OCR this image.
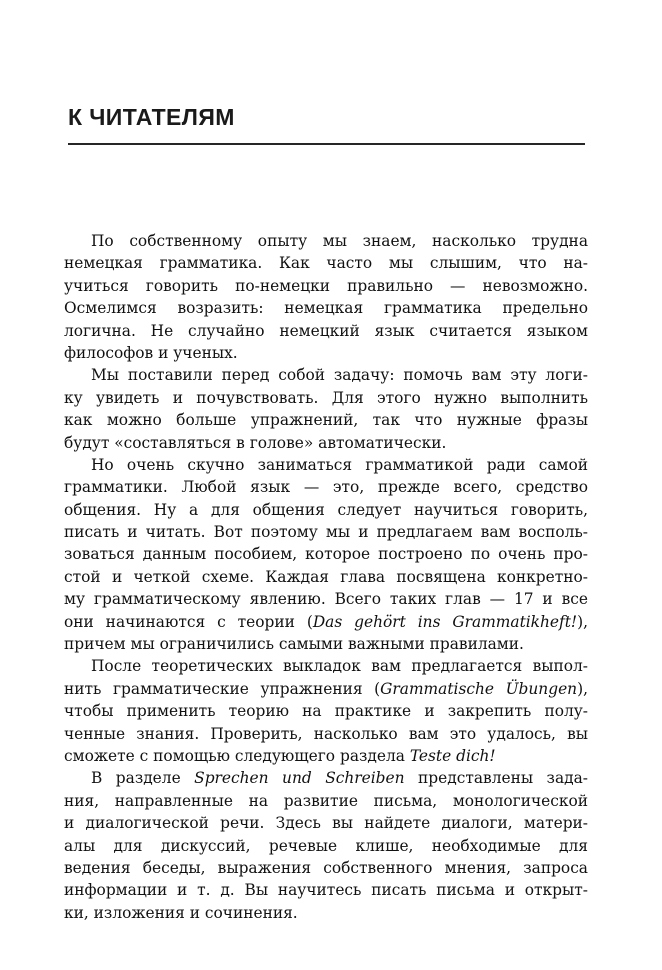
К ЧИТАТЕЛЯМ
По собственному опыту мы знаем, насколько трудна
немецкая грамматика. Как часто мы слышим, что на-
учиться говорить по-немецки правильно — невозможно.
Осмелимся возразить: немецкая грамматика предельно
логична. Не случайно немецкий язык считается языком
философов и ученых.
Мы поставили перед собой задачу: помочь вам эту логи-
ку увидеть и почувствовать. Для этого нужно выполнить
как можно больше упражнений, так что нужные фразы
будут «составляться в голове» автоматически.
Но очень скучно заниматься грамматикой ради самой
грамматики. Любой язык — это, прежде всего, средство
общения. Ну а для общения следует научиться говорить,
писать и читать. Вот поэтому мы и предлагаем вам восполь-
зоваться данным пособием, которое построено по очень про-
стой и четкой схеме. Каждая глава посвящена конкретно-
му грамматическому явлению. Всего таких глав — 17 и все
они начинаются с теории (Das gehört ins Grammatikheft!),
причем мы ограничились самыми важными правилами.
После теоретических выкладок вам предлагается выпол-
нить грамматические упражнения (Grammatische Übungen),
чтобы применить теорию на практике и закрепить полу-
ченные знания. Проверить, насколько вам это удалось, вы
сможете с помощью следующего раздела Teste dich!
В разделе Sprechen und Schreiben представлены зада-
ния, направленные на развитие письма, монологической
и диалогической речи. Здесь вы найдете диалоги, матери-
алы для дискуссий, речевые клише, необходимые для
ведения беседы, выражения собственного мнения, запроса
информации и т. д. Вы научитесь писать письма и открыт-
ки, изложения и сочинения.
